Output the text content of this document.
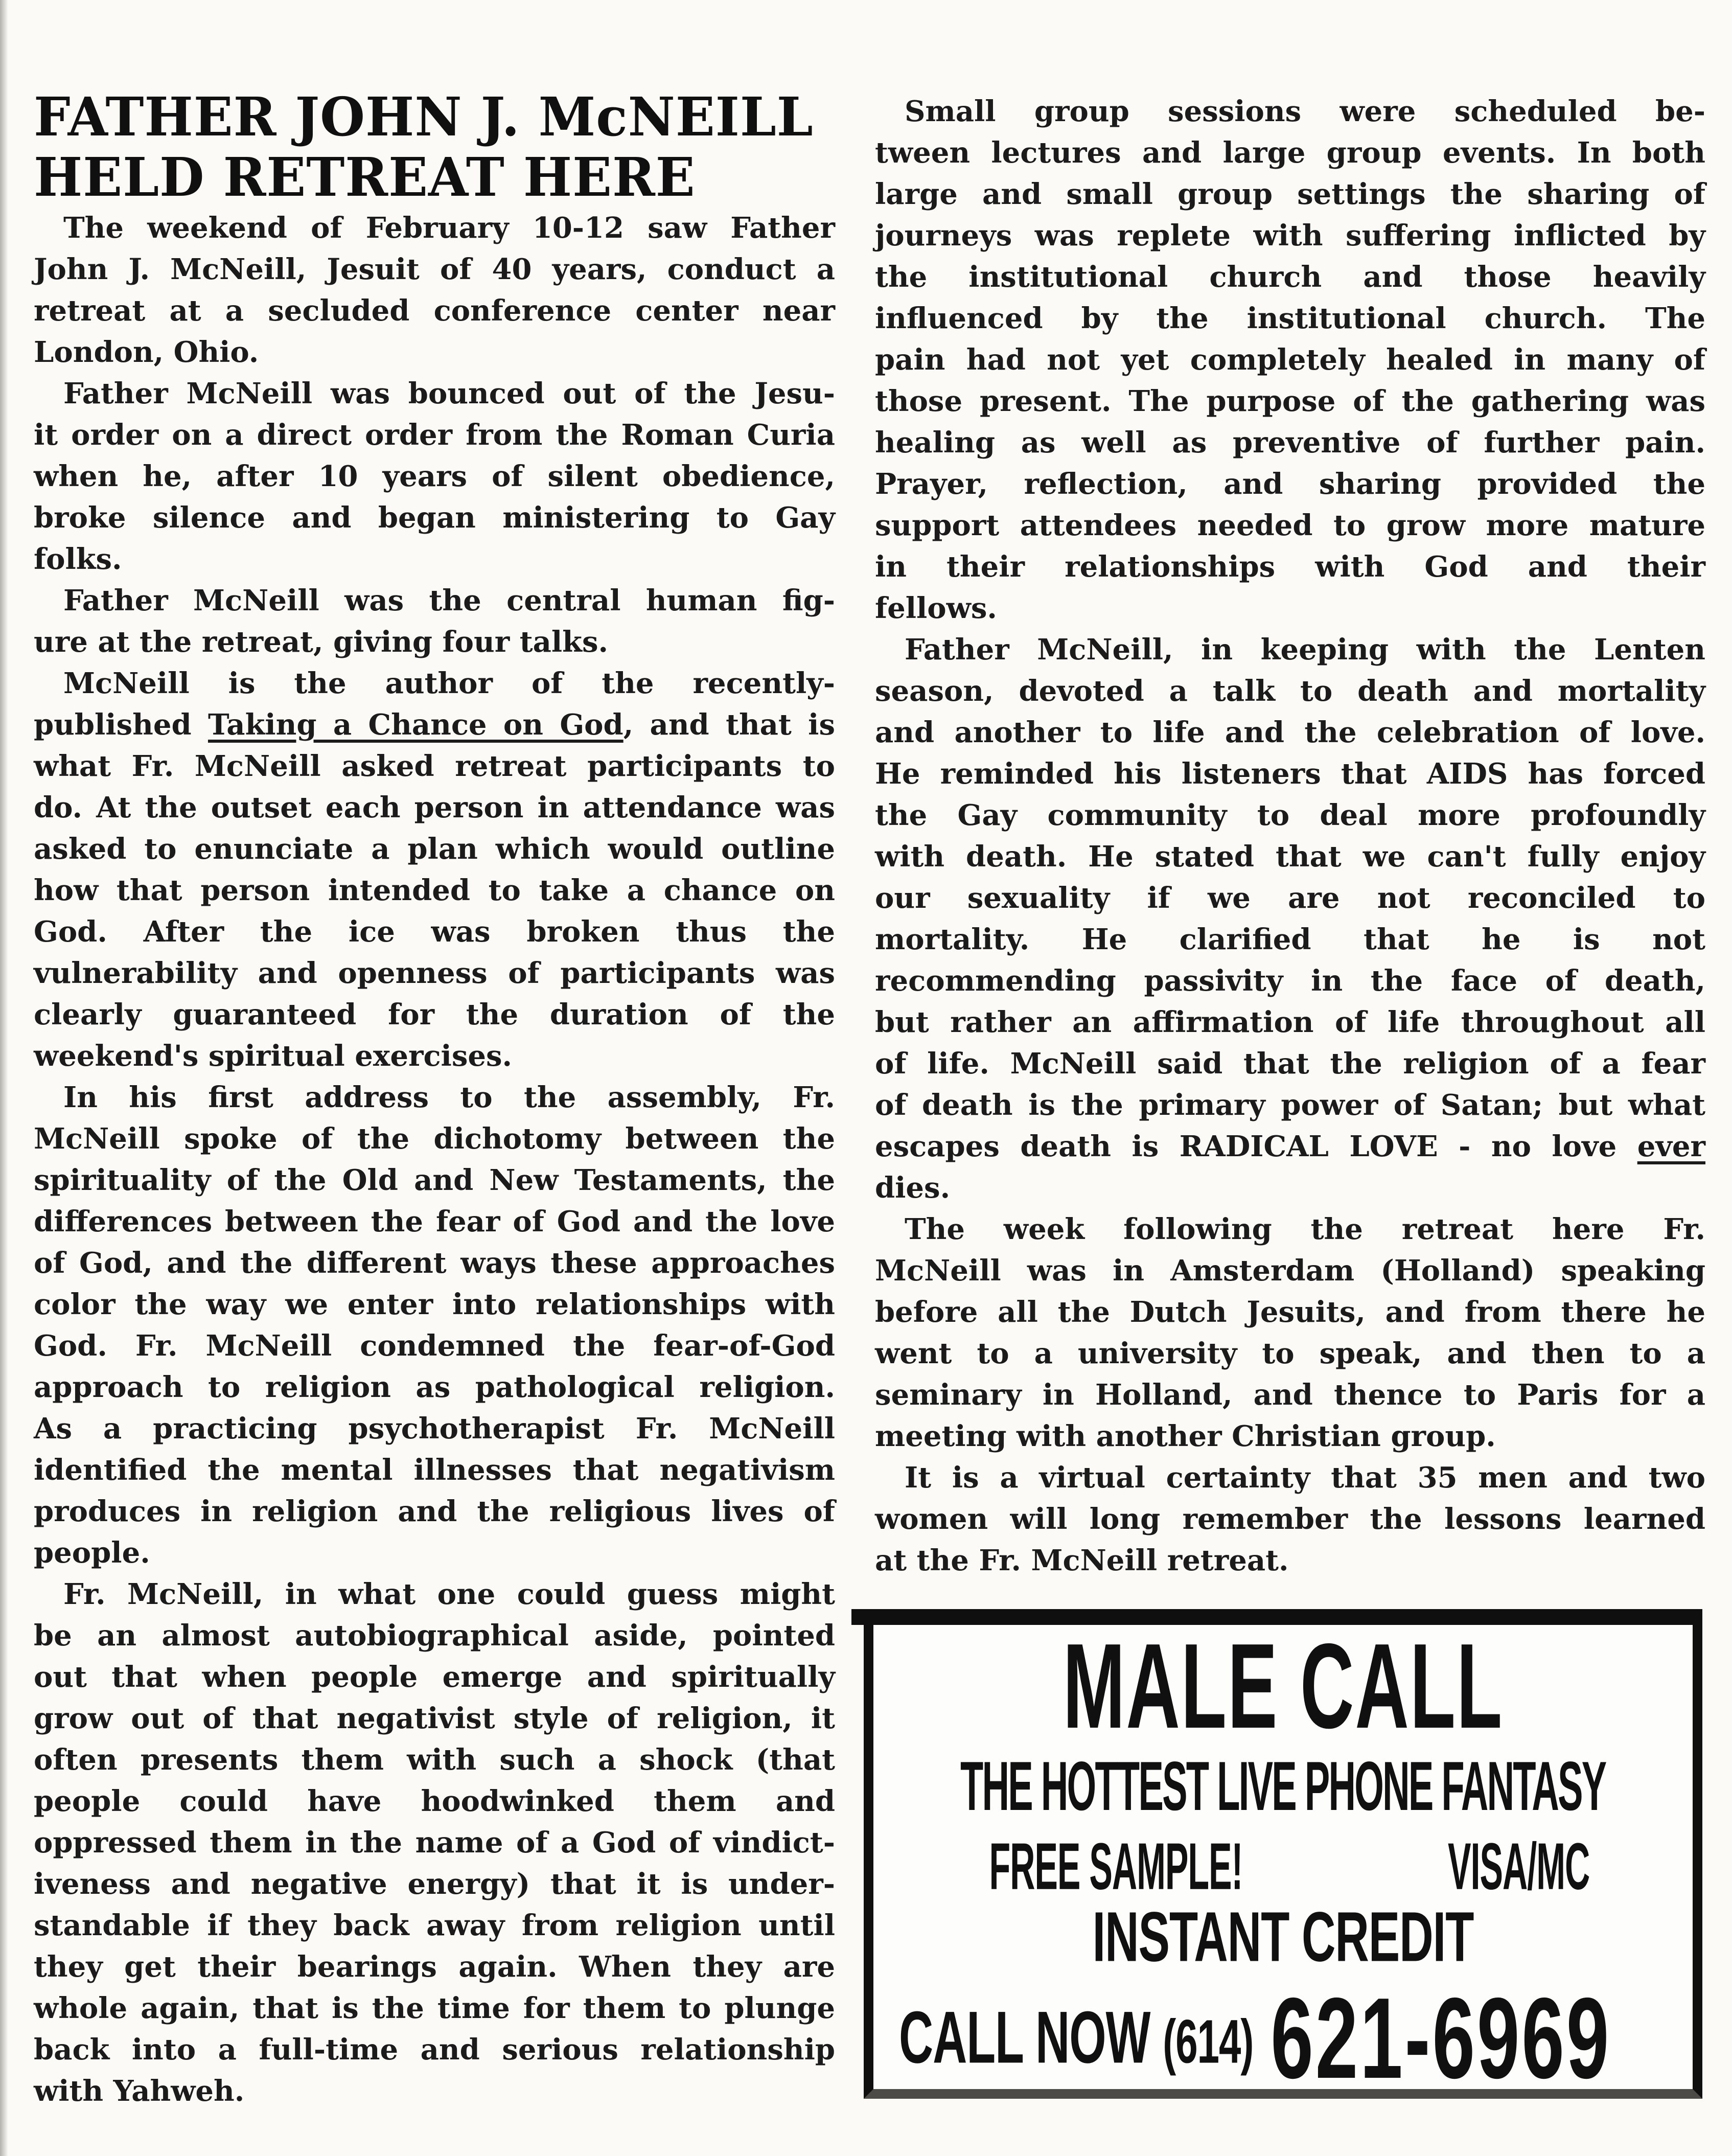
FATHER JOHN J. McNEILL
HELD RETREAT HERE
The weekend of February 10-12 saw Father
John J. McNeill, Jesuit of 40 years, conduct a
retreat at a secluded conference center near
London, Ohio.
Father McNeill was bounced out of the Jesu-
it order on a direct order from the Roman Curia
when he, after 10 years of silent obedience,
broke silence and began ministering to Gay
folks.
Father McNeill was the central human fig-
ure at the retreat, giving four talks.
McNeill is the author of the recently-
published Taking a Chance on God, and that is
what Fr. McNeill asked retreat participants to
do. At the outset each person in attendance was
asked to enunciate a plan which would outline
how that person intended to take a chance on
God. After the ice was broken thus the
vulnerability and openness of participants was
clearly guaranteed for the duration of the
weekend's spiritual exercises.
In his first address to the assembly, Fr.
McNeill spoke of the dichotomy between the
spirituality of the Old and New Testaments, the
differences between the fear of God and the love
of God, and the different ways these approaches
color the way we enter into relationships with
God. Fr. McNeill condemned the fear-of-God
approach to religion as pathological religion.
As a practicing psychotherapist Fr. McNeill
identified the mental illnesses that negativism
produces in religion and the religious lives of
people.
Fr. McNeill, in what one could guess might
be an almost autobiographical aside, pointed
out that when people emerge and spiritually
grow out of that negativist style of religion, it
often presents them with such a shock (that
people could have hoodwinked them and
oppressed them in the name of a God of vindict-
iveness and negative energy) that it is under-
standable if they back away from religion until
they get their bearings again. When they are
whole again, that is the time for them to plunge
back into a full-time and serious relationship
with Yahweh.
Small group sessions were scheduled be-
tween lectures and large group events. In both
large and small group settings the sharing of
journeys was replete with suffering inflicted by
the institutional church and those heavily
influenced by the institutional church. The
pain had not yet completely healed in many of
those present. The purpose of the gathering was
healing as well as preventive of further pain.
Prayer, reflection, and sharing provided the
support attendees needed to grow more mature
in their relationships with God and their
fellows.
Father McNeill, in keeping with the Lenten
season, devoted a talk to death and mortality
and another to life and the celebration of love.
He reminded his listeners that AIDS has forced
the Gay community to deal more profoundly
with death. He stated that we can't fully enjoy
our sexuality if we are not reconciled to
mortality. He clarified that he is not
recommending passivity in the face of death,
but rather an affirmation of life throughout all
of life. McNeill said that the religion of a fear
of death is the primary power of Satan; but what
escapes death is RADICAL LOVE - no love ever
dies.
The week following the retreat here Fr.
McNeill was in Amsterdam (Holland) speaking
before all the Dutch Jesuits, and from there he
went to a university to speak, and then to a
seminary in Holland, and thence to Paris for a
meeting with another Christian group.
It is a virtual certainty that 35 men and two
women will long remember the lessons learned
at the Fr. McNeill retreat.
MALE CALL
THE HOTTEST LIVE PHONE FANTASY
FREE SAMPLE!	VISA/MC
INSTANT CREDIT
CALL NOW (614) 621-6969
